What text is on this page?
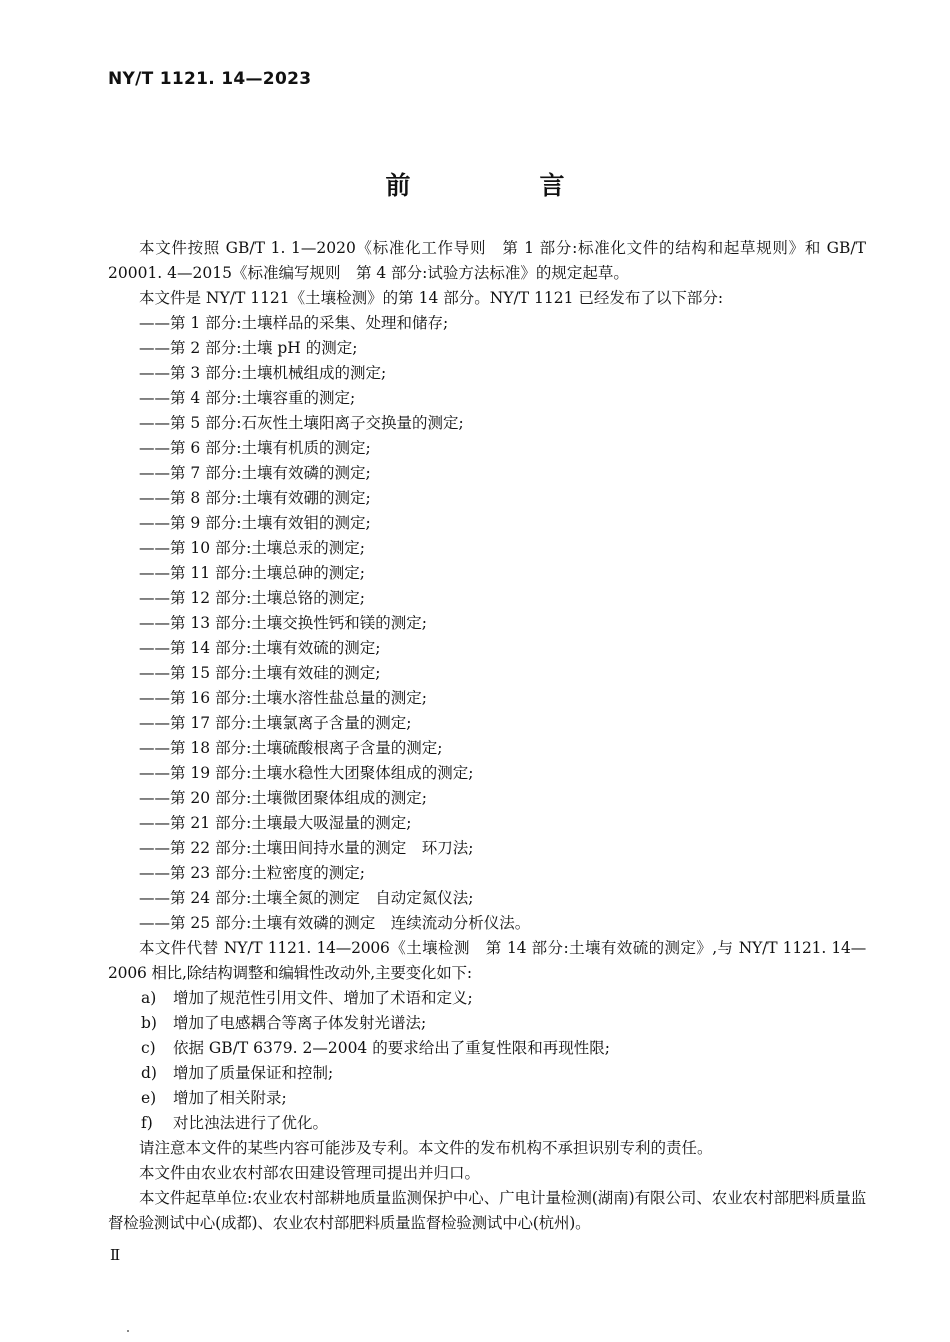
NY/T 1121. 14—2023
前　言

本文件按照 GB/T 1. 1—2020《标准化工作导则　第 1 部分:标准化文件的结构和起草规则》和 GB/T 20001. 4—2015《标准编写规则　第 4 部分:试验方法标准》的规定起草。

本文件是 NY/T 1121《土壤检测》的第 14 部分。NY/T 1121 已经发布了以下部分:

——第 1 部分:土壤样品的采集、处理和储存;
——第 2 部分:土壤 pH 的测定;
——第 3 部分:土壤机械组成的测定;
——第 4 部分:土壤容重的测定;
——第 5 部分:石灰性土壤阳离子交换量的测定;
——第 6 部分:土壤有机质的测定;
——第 7 部分:土壤有效磷的测定;
——第 8 部分:土壤有效硼的测定;
——第 9 部分:土壤有效钼的测定;
——第 10 部分:土壤总汞的测定;
——第 11 部分:土壤总砷的测定;
——第 12 部分:土壤总铬的测定;
——第 13 部分:土壤交换性钙和镁的测定;
——第 14 部分:土壤有效硫的测定;
——第 15 部分:土壤有效硅的测定;
——第 16 部分:土壤水溶性盐总量的测定;
——第 17 部分:土壤氯离子含量的测定;
——第 18 部分:土壤硫酸根离子含量的测定;
——第 19 部分:土壤水稳性大团聚体组成的测定;
——第 20 部分:土壤微团聚体组成的测定;
——第 21 部分:土壤最大吸湿量的测定;
——第 22 部分:土壤田间持水量的测定　环刀法;
——第 23 部分:土粒密度的测定;
——第 24 部分:土壤全氮的测定　自动定氮仪法;
——第 25 部分:土壤有效磷的测定　连续流动分析仪法。

本文件代替 NY/T 1121. 14—2006《土壤检测　第 14 部分:土壤有效硫的测定》,与 NY/T 1121. 14—2006 相比,除结构调整和编辑性改动外,主要变化如下:

a) 增加了规范性引用文件、增加了术语和定义;
b) 增加了电感耦合等离子体发射光谱法;
c) 依据 GB/T 6379. 2—2004 的要求给出了重复性限和再现性限;
d) 增加了质量保证和控制;
e) 增加了相关附录;
f) 对比浊法进行了优化。

请注意本文件的某些内容可能涉及专利。本文件的发布机构不承担识别专利的责任。

本文件由农业农村部农田建设管理司提出并归口。

本文件起草单位:农业农村部耕地质量监测保护中心、广电计量检测(湖南)有限公司、农业农村部肥料质量监督检验测试中心(成都)、农业农村部肥料质量监督检验测试中心(杭州)。

Ⅱ
